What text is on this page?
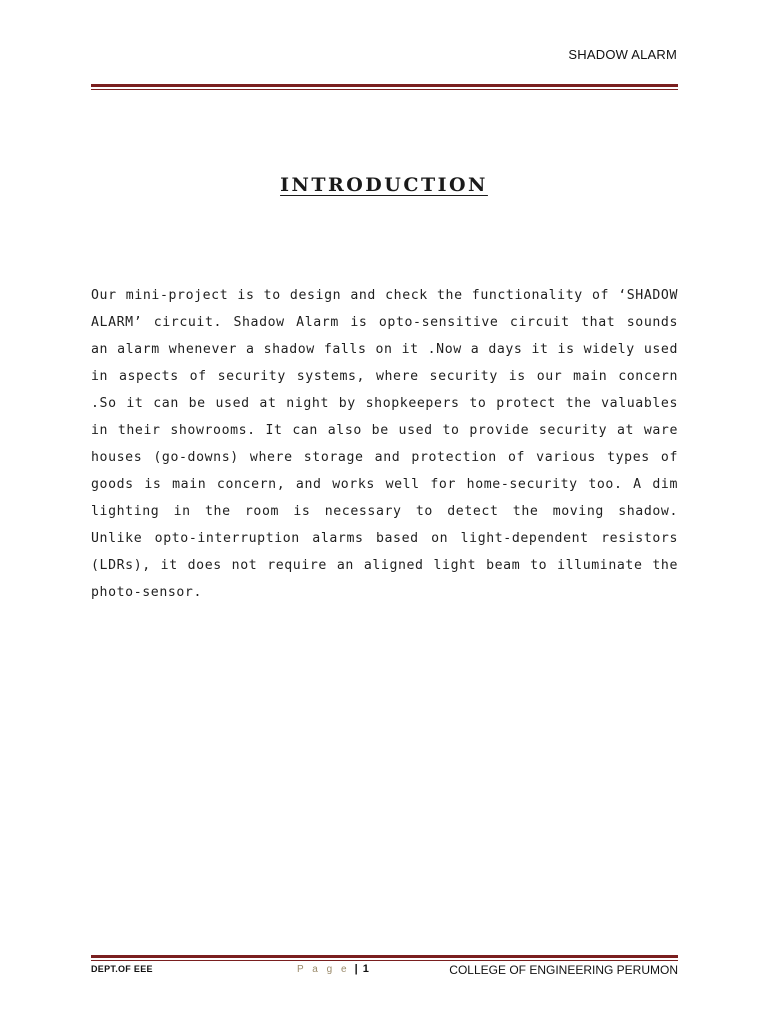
SHADOW ALARM
INTRODUCTION
Our mini-project is to design and check the functionality of ‘SHADOW ALARM’ circuit. Shadow Alarm is opto-sensitive circuit that sounds an alarm whenever a shadow falls on it .Now a days it is widely used in aspects of security systems, where security is our main concern .So it can be used at night by shopkeepers to protect the valuables in their showrooms. It can also be used to provide security at ware houses (go-downs) where storage and protection of various types of goods is main concern, and works well for home-security too. A dim lighting in the room is necessary to detect the moving shadow. Unlike opto-interruption alarms based on light-dependent resistors (LDRs), it does not require an aligned light beam to illuminate the photo-sensor.
DEPT.OF EEE	P a g e | 1	COLLEGE OF ENGINEERING PERUMON
